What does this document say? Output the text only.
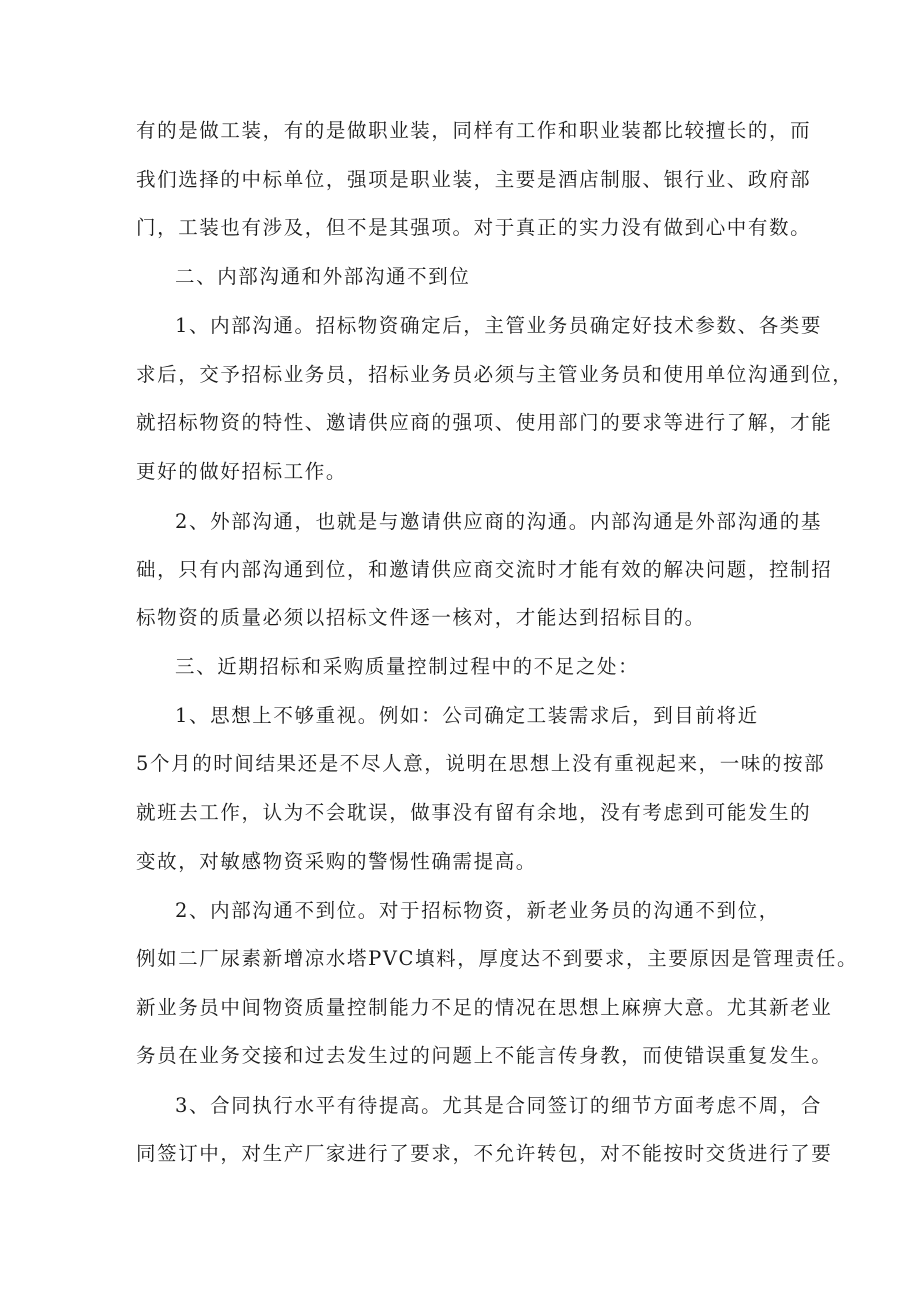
有的是做工装，有的是做职业装，同样有工作和职业装都比较擅长的，而
我们选择的中标单位，强项是职业装，主要是酒店制服、银行业、政府部
门，工装也有涉及，但不是其强项。对于真正的实力没有做到心中有数。
二、内部沟通和外部沟通不到位
1、内部沟通。招标物资确定后，主管业务员确定好技术参数、各类要
求后，交予招标业务员，招标业务员必须与主管业务员和使用单位沟通到位，
就招标物资的特性、邀请供应商的强项、使用部门的要求等进行了解，才能
更好的做好招标工作。
2、外部沟通，也就是与邀请供应商的沟通。内部沟通是外部沟通的基
础，只有内部沟通到位，和邀请供应商交流时才能有效的解决问题，控制招
标物资的质量必须以招标文件逐一核对，才能达到招标目的。
三、近期招标和采购质量控制过程中的不足之处：
1、思想上不够重视。例如：公司确定工装需求后，到目前将近
5个月的时间结果还是不尽人意，说明在思想上没有重视起来，一味的按部
就班去工作，认为不会耽误，做事没有留有余地，没有考虑到可能发生的
变故，对敏感物资采购的警惕性确需提高。
2、内部沟通不到位。对于招标物资，新老业务员的沟通不到位，
例如二厂尿素新增凉水塔PVC填料，厚度达不到要求，主要原因是管理责任。
新业务员中间物资质量控制能力不足的情况在思想上麻痹大意。尤其新老业
务员在业务交接和过去发生过的问题上不能言传身教，而使错误重复发生。
3、合同执行水平有待提高。尤其是合同签订的细节方面考虑不周，合
同签订中，对生产厂家进行了要求，不允许转包，对不能按时交货进行了要
